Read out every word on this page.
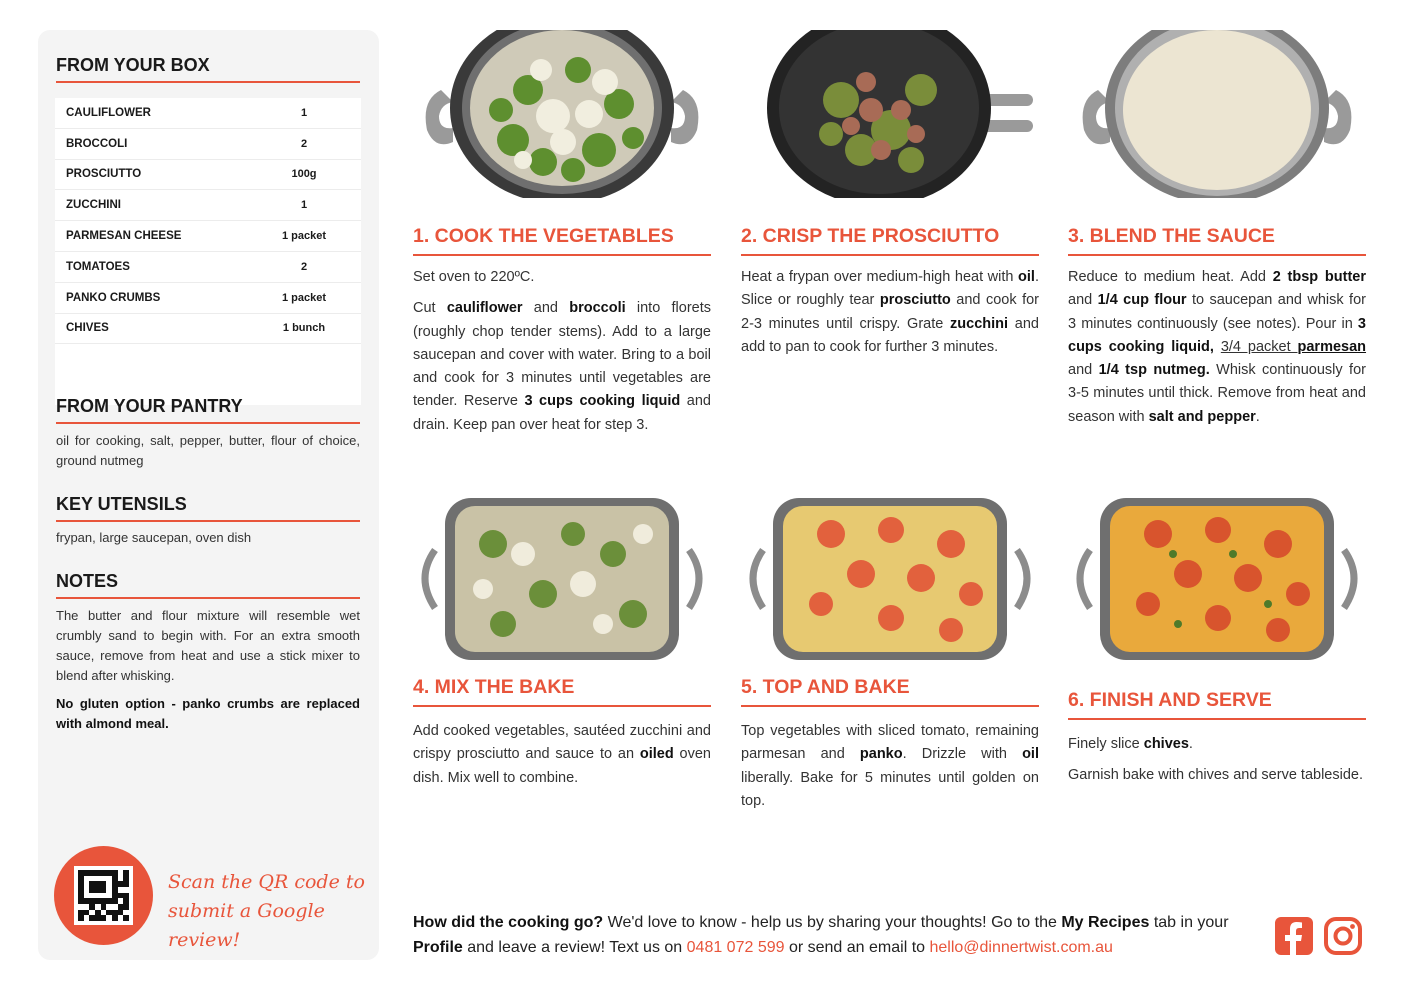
FROM YOUR BOX
CAULIFLOWER	1
BROCCOLI	2
PROSCIUTTO	100g
ZUCCHINI	1
PARMESAN CHEESE	1 packet
TOMATOES	2
PANKO CRUMBS	1 packet
CHIVES	1 bunch
FROM YOUR PANTRY
oil for cooking, salt, pepper, butter, flour of choice, ground nutmeg
KEY UTENSILS
frypan, large saucepan, oven dish
NOTES
The butter and flour mixture will resemble wet crumbly sand to begin with. For an extra smooth sauce, remove from heat and use a stick mixer to blend after whisking.
No gluten option - panko crumbs are replaced with almond meal.
Scan the QR code to
submit a Google review!
1. COOK THE VEGETABLES

Set oven to 220ºC.

Cut cauliflower and broccoli into florets (roughly chop tender stems). Add to a large saucepan and cover with water. Bring to a boil and cook for 3 minutes until vegetables are tender. Reserve 3 cups cooking liquid and drain. Keep pan over heat for step 3.

2. CRISP THE PROSCIUTTO

Heat a frypan over medium-high heat with oil. Slice or roughly tear prosciutto and cook for 2-3 minutes until crispy. Grate zucchini and add to pan to cook for further 3 minutes.

3. BLEND THE SAUCE

Reduce to medium heat. Add 2 tbsp butter and 1/4 cup flour to saucepan and whisk for 3 minutes continuously (see notes). Pour in 3 cups cooking liquid, 3/4 packet parmesan and 1/4 tsp nutmeg. Whisk continuously for 3-5 minutes until thick. Remove from heat and season with salt and pepper.

4. MIX THE BAKE

Add cooked vegetables, sautéed zucchini and crispy prosciutto and sauce to an oiled oven dish. Mix well to combine.

5. TOP AND BAKE

Top vegetables with sliced tomato, remaining parmesan and panko. Drizzle with oil liberally. Bake for 5 minutes until golden on top.

6. FINISH AND SERVE

Finely slice chives.

Garnish bake with chives and serve tableside.

How did the cooking go? We'd love to know - help us by sharing your thoughts! Go to the My Recipes tab in your Profile and leave a review! Text us on 0481 072 599 or send an email to hello@dinnertwist.com.au
